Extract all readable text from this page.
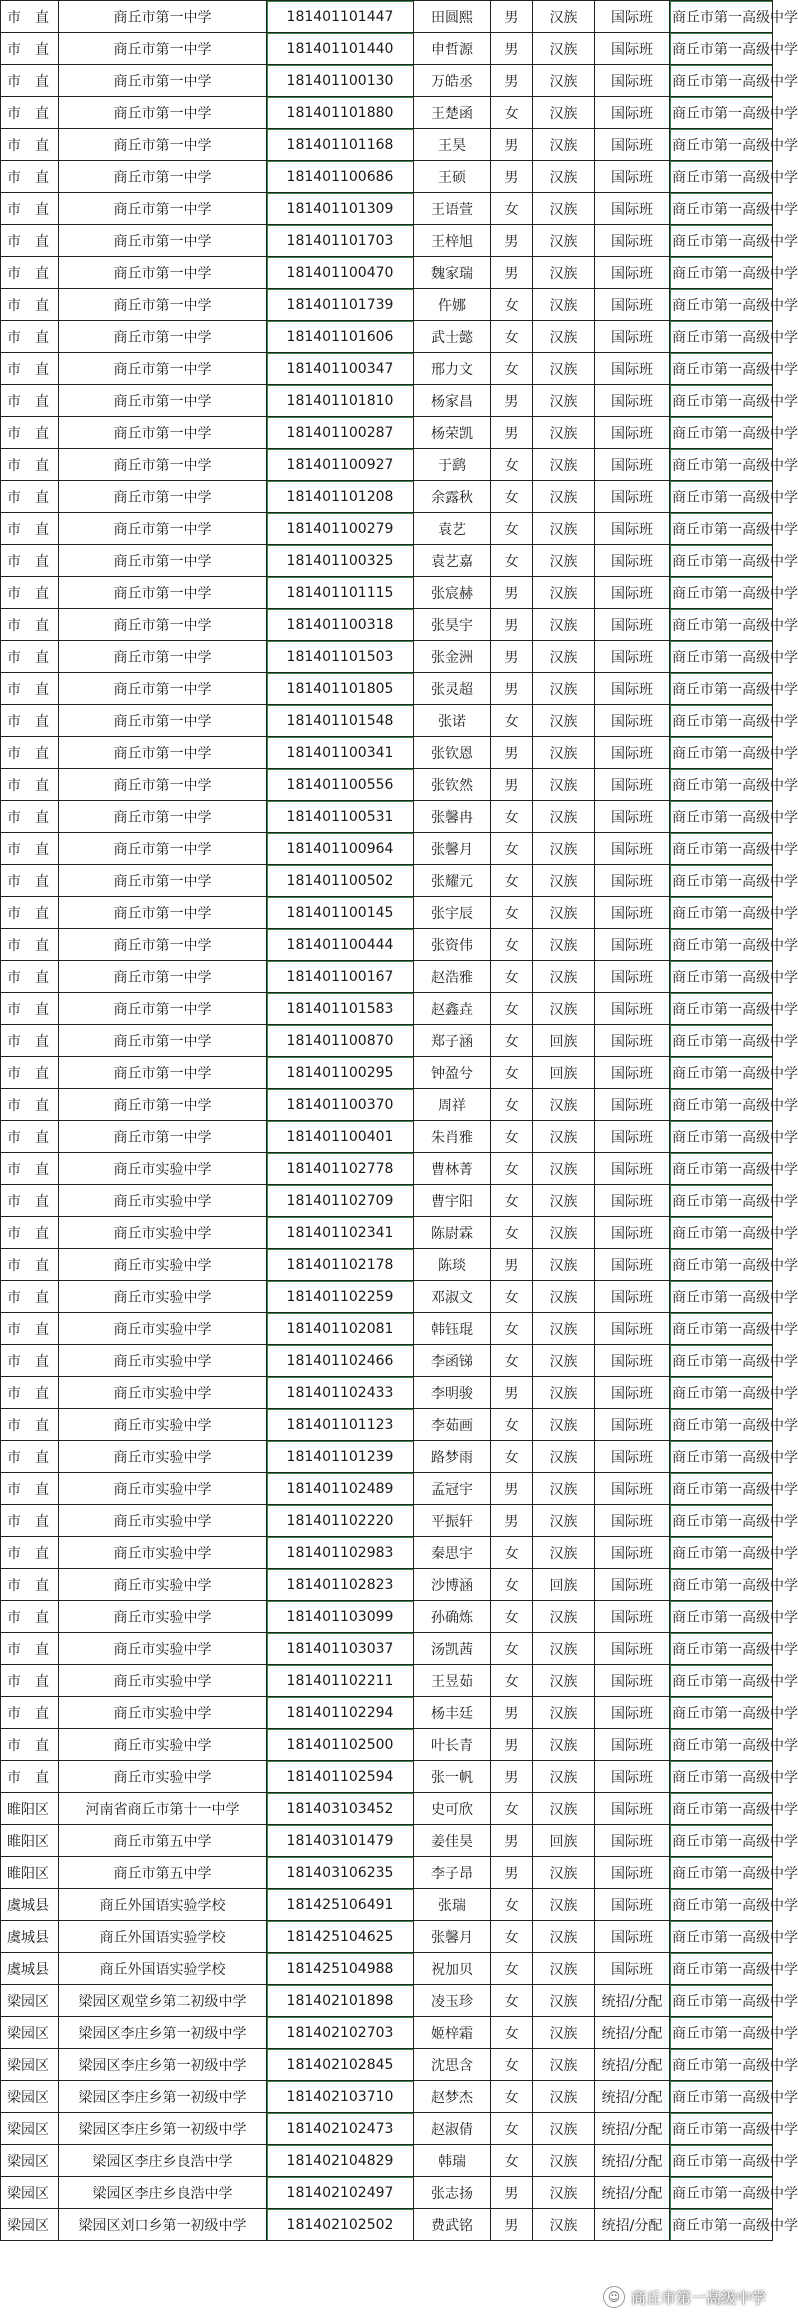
市　直	商丘市第一中学	181401101447	田圆熙	男	汉族	国际班	商丘市第一高级中学
市　直	商丘市第一中学	181401101440	申哲源	男	汉族	国际班	商丘市第一高级中学
市　直	商丘市第一中学	181401100130	万皓丞	男	汉族	国际班	商丘市第一高级中学
市　直	商丘市第一中学	181401101880	王楚函	女	汉族	国际班	商丘市第一高级中学
市　直	商丘市第一中学	181401101168	王昊	男	汉族	国际班	商丘市第一高级中学
市　直	商丘市第一中学	181401100686	王硕	男	汉族	国际班	商丘市第一高级中学
市　直	商丘市第一中学	181401101309	王语萱	女	汉族	国际班	商丘市第一高级中学
市　直	商丘市第一中学	181401101703	王梓旭	男	汉族	国际班	商丘市第一高级中学
市　直	商丘市第一中学	181401100470	魏家瑞	男	汉族	国际班	商丘市第一高级中学
市　直	商丘市第一中学	181401101739	仵娜	女	汉族	国际班	商丘市第一高级中学
市　直	商丘市第一中学	181401101606	武士懿	女	汉族	国际班	商丘市第一高级中学
市　直	商丘市第一中学	181401100347	邢力文	女	汉族	国际班	商丘市第一高级中学
市　直	商丘市第一中学	181401101810	杨家昌	男	汉族	国际班	商丘市第一高级中学
市　直	商丘市第一中学	181401100287	杨荣凯	男	汉族	国际班	商丘市第一高级中学
市　直	商丘市第一中学	181401100927	于鹞	女	汉族	国际班	商丘市第一高级中学
市　直	商丘市第一中学	181401101208	余露秋	女	汉族	国际班	商丘市第一高级中学
市　直	商丘市第一中学	181401100279	袁艺	女	汉族	国际班	商丘市第一高级中学
市　直	商丘市第一中学	181401100325	袁艺嘉	女	汉族	国际班	商丘市第一高级中学
市　直	商丘市第一中学	181401101115	张宸赫	男	汉族	国际班	商丘市第一高级中学
市　直	商丘市第一中学	181401100318	张昊宇	男	汉族	国际班	商丘市第一高级中学
市　直	商丘市第一中学	181401101503	张金洲	男	汉族	国际班	商丘市第一高级中学
市　直	商丘市第一中学	181401101805	张灵超	男	汉族	国际班	商丘市第一高级中学
市　直	商丘市第一中学	181401101548	张诺	女	汉族	国际班	商丘市第一高级中学
市　直	商丘市第一中学	181401100341	张钦恩	男	汉族	国际班	商丘市第一高级中学
市　直	商丘市第一中学	181401100556	张钦然	男	汉族	国际班	商丘市第一高级中学
市　直	商丘市第一中学	181401100531	张馨冉	女	汉族	国际班	商丘市第一高级中学
市　直	商丘市第一中学	181401100964	张馨月	女	汉族	国际班	商丘市第一高级中学
市　直	商丘市第一中学	181401100502	张耀元	女	汉族	国际班	商丘市第一高级中学
市　直	商丘市第一中学	181401100145	张宇辰	女	汉族	国际班	商丘市第一高级中学
市　直	商丘市第一中学	181401100444	张资伟	女	汉族	国际班	商丘市第一高级中学
市　直	商丘市第一中学	181401100167	赵浩雅	女	汉族	国际班	商丘市第一高级中学
市　直	商丘市第一中学	181401101583	赵鑫垚	女	汉族	国际班	商丘市第一高级中学
市　直	商丘市第一中学	181401100870	郑子涵	女	回族	国际班	商丘市第一高级中学
市　直	商丘市第一中学	181401100295	钟盈兮	女	回族	国际班	商丘市第一高级中学
市　直	商丘市第一中学	181401100370	周祥	女	汉族	国际班	商丘市第一高级中学
市　直	商丘市第一中学	181401100401	朱肖雅	女	汉族	国际班	商丘市第一高级中学
市　直	商丘市实验中学	181401102778	曹林菁	女	汉族	国际班	商丘市第一高级中学
市　直	商丘市实验中学	181401102709	曹宇阳	女	汉族	国际班	商丘市第一高级中学
市　直	商丘市实验中学	181401102341	陈尉霖	女	汉族	国际班	商丘市第一高级中学
市　直	商丘市实验中学	181401102178	陈琰	男	汉族	国际班	商丘市第一高级中学
市　直	商丘市实验中学	181401102259	邓淑文	女	汉族	国际班	商丘市第一高级中学
市　直	商丘市实验中学	181401102081	韩钰琨	女	汉族	国际班	商丘市第一高级中学
市　直	商丘市实验中学	181401102466	李函锑	女	汉族	国际班	商丘市第一高级中学
市　直	商丘市实验中学	181401102433	李明骏	男	汉族	国际班	商丘市第一高级中学
市　直	商丘市实验中学	181401101123	李茹画	女	汉族	国际班	商丘市第一高级中学
市　直	商丘市实验中学	181401101239	路梦雨	女	汉族	国际班	商丘市第一高级中学
市　直	商丘市实验中学	181401102489	孟冠宇	男	汉族	国际班	商丘市第一高级中学
市　直	商丘市实验中学	181401102220	平振轩	男	汉族	国际班	商丘市第一高级中学
市　直	商丘市实验中学	181401102983	秦思宇	女	汉族	国际班	商丘市第一高级中学
市　直	商丘市实验中学	181401102823	沙博涵	女	回族	国际班	商丘市第一高级中学
市　直	商丘市实验中学	181401103099	孙确炼	女	汉族	国际班	商丘市第一高级中学
市　直	商丘市实验中学	181401103037	汤凯茜	女	汉族	国际班	商丘市第一高级中学
市　直	商丘市实验中学	181401102211	王昱茹	女	汉族	国际班	商丘市第一高级中学
市　直	商丘市实验中学	181401102294	杨丰廷	男	汉族	国际班	商丘市第一高级中学
市　直	商丘市实验中学	181401102500	叶长青	男	汉族	国际班	商丘市第一高级中学
市　直	商丘市实验中学	181401102594	张一帆	男	汉族	国际班	商丘市第一高级中学
睢阳区	河南省商丘市第十一中学	181403103452	史可欣	女	汉族	国际班	商丘市第一高级中学
睢阳区	商丘市第五中学	181403101479	姜佳昊	男	回族	国际班	商丘市第一高级中学
睢阳区	商丘市第五中学	181403106235	李子昂	男	汉族	国际班	商丘市第一高级中学
虞城县	商丘外国语实验学校	181425106491	张瑞	女	汉族	国际班	商丘市第一高级中学
虞城县	商丘外国语实验学校	181425104625	张馨月	女	汉族	国际班	商丘市第一高级中学
虞城县	商丘外国语实验学校	181425104988	祝加贝	女	汉族	国际班	商丘市第一高级中学
梁园区	梁园区观堂乡第二初级中学	181402101898	凌玉珍	女	汉族	统招/分配	商丘市第一高级中学
梁园区	梁园区李庄乡第一初级中学	181402102703	姬梓霜	女	汉族	统招/分配	商丘市第一高级中学
梁园区	梁园区李庄乡第一初级中学	181402102845	沈思含	女	汉族	统招/分配	商丘市第一高级中学
梁园区	梁园区李庄乡第一初级中学	181402103710	赵梦杰	女	汉族	统招/分配	商丘市第一高级中学
梁园区	梁园区李庄乡第一初级中学	181402102473	赵淑倩	女	汉族	统招/分配	商丘市第一高级中学
梁园区	梁园区李庄乡良浩中学	181402104829	韩瑞	女	汉族	统招/分配	商丘市第一高级中学
梁园区	梁园区李庄乡良浩中学	181402102497	张志扬	男	汉族	统招/分配	商丘市第一高级中学
梁园区	梁园区刘口乡第一初级中学	181402102502	费武铭	男	汉族	统招/分配	商丘市第一高级中学
☺ 商丘市第一高级中学
